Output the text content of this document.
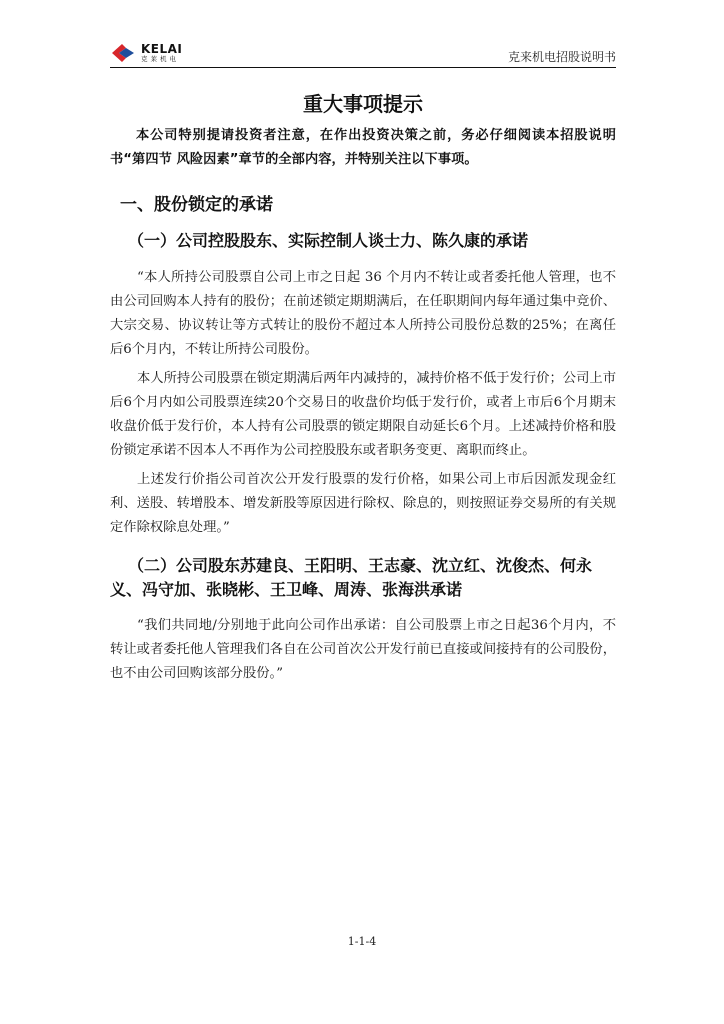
KELAI
克莱机电	克来机电招股说明书
重大事项提示

本公司特别提请投资者注意，在作出投资决策之前，务必仔细阅读本招股说明书“第四节 风险因素”章节的全部内容，并特别关注以下事项。

一、股份锁定的承诺
（一）公司控股股东、实际控制人谈士力、陈久康的承诺

“本人所持公司股票自公司上市之日起 36 个月内不转让或者委托他人管理，也不由公司回购本人持有的股份；在前述锁定期期满后，在任职期间内每年通过集中竞价、大宗交易、协议转让等方式转让的股份不超过本人所持公司股份总数的25%；在离任后6个月内，不转让所持公司股份。

本人所持公司股票在锁定期满后两年内减持的，减持价格不低于发行价；公司上市后6个月内如公司股票连续20个交易日的收盘价均低于发行价，或者上市后6个月期末收盘价低于发行价，本人持有公司股票的锁定期限自动延长6个月。上述减持价格和股份锁定承诺不因本人不再作为公司控股股东或者职务变更、离职而终止。

上述发行价指公司首次公开发行股票的发行价格，如果公司上市后因派发现金红利、送股、转增股本、增发新股等原因进行除权、除息的，则按照证券交易所的有关规定作除权除息处理。”

（二）公司股东苏建良、王阳明、王志豪、沈立红、沈俊杰、何永义、冯守加、张晓彬、王卫峰、周涛、张海洪承诺

“我们共同地/分别地于此向公司作出承诺：自公司股票上市之日起36个月内，不转让或者委托他人管理我们各自在公司首次公开发行前已直接或间接持有的公司股份，也不由公司回购该部分股份。”

1-1-4
